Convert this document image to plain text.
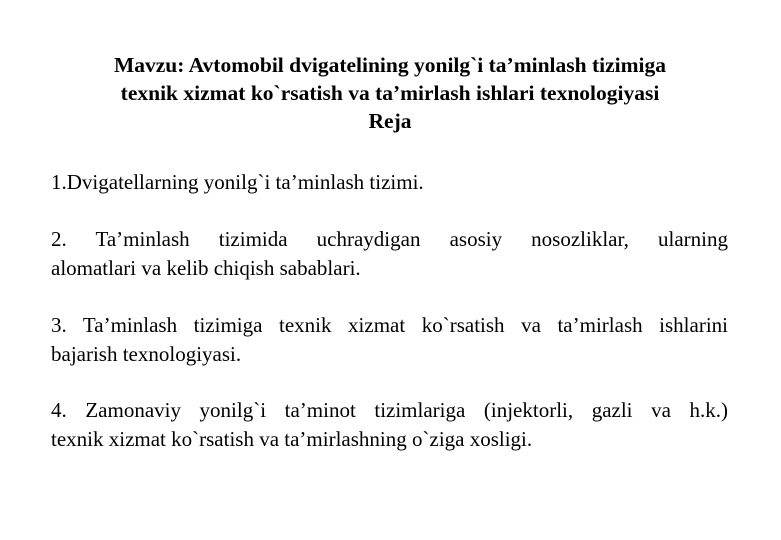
Mavzu: Avtomobil dvigatelining yonilg`i ta’minlash tizimiga
texnik xizmat ko`rsatish va ta’mirlash ishlari texnologiyasi
Reja
1.Dvigatellarning yonilg`i ta’minlash tizimi.
2. Ta’minlash tizimida uchraydigan asosiy nosozliklar, ularning
alomatlari va kelib chiqish sabablari.
3. Ta’minlash tizimiga texnik xizmat ko`rsatish va ta’mirlash ishlarini
bajarish texnologiyasi.
4. Zamonaviy yonilg`i ta’minot tizimlariga (injektorli, gazli va h.k.)
texnik xizmat ko`rsatish va ta’mirlashning o`ziga xosligi.
